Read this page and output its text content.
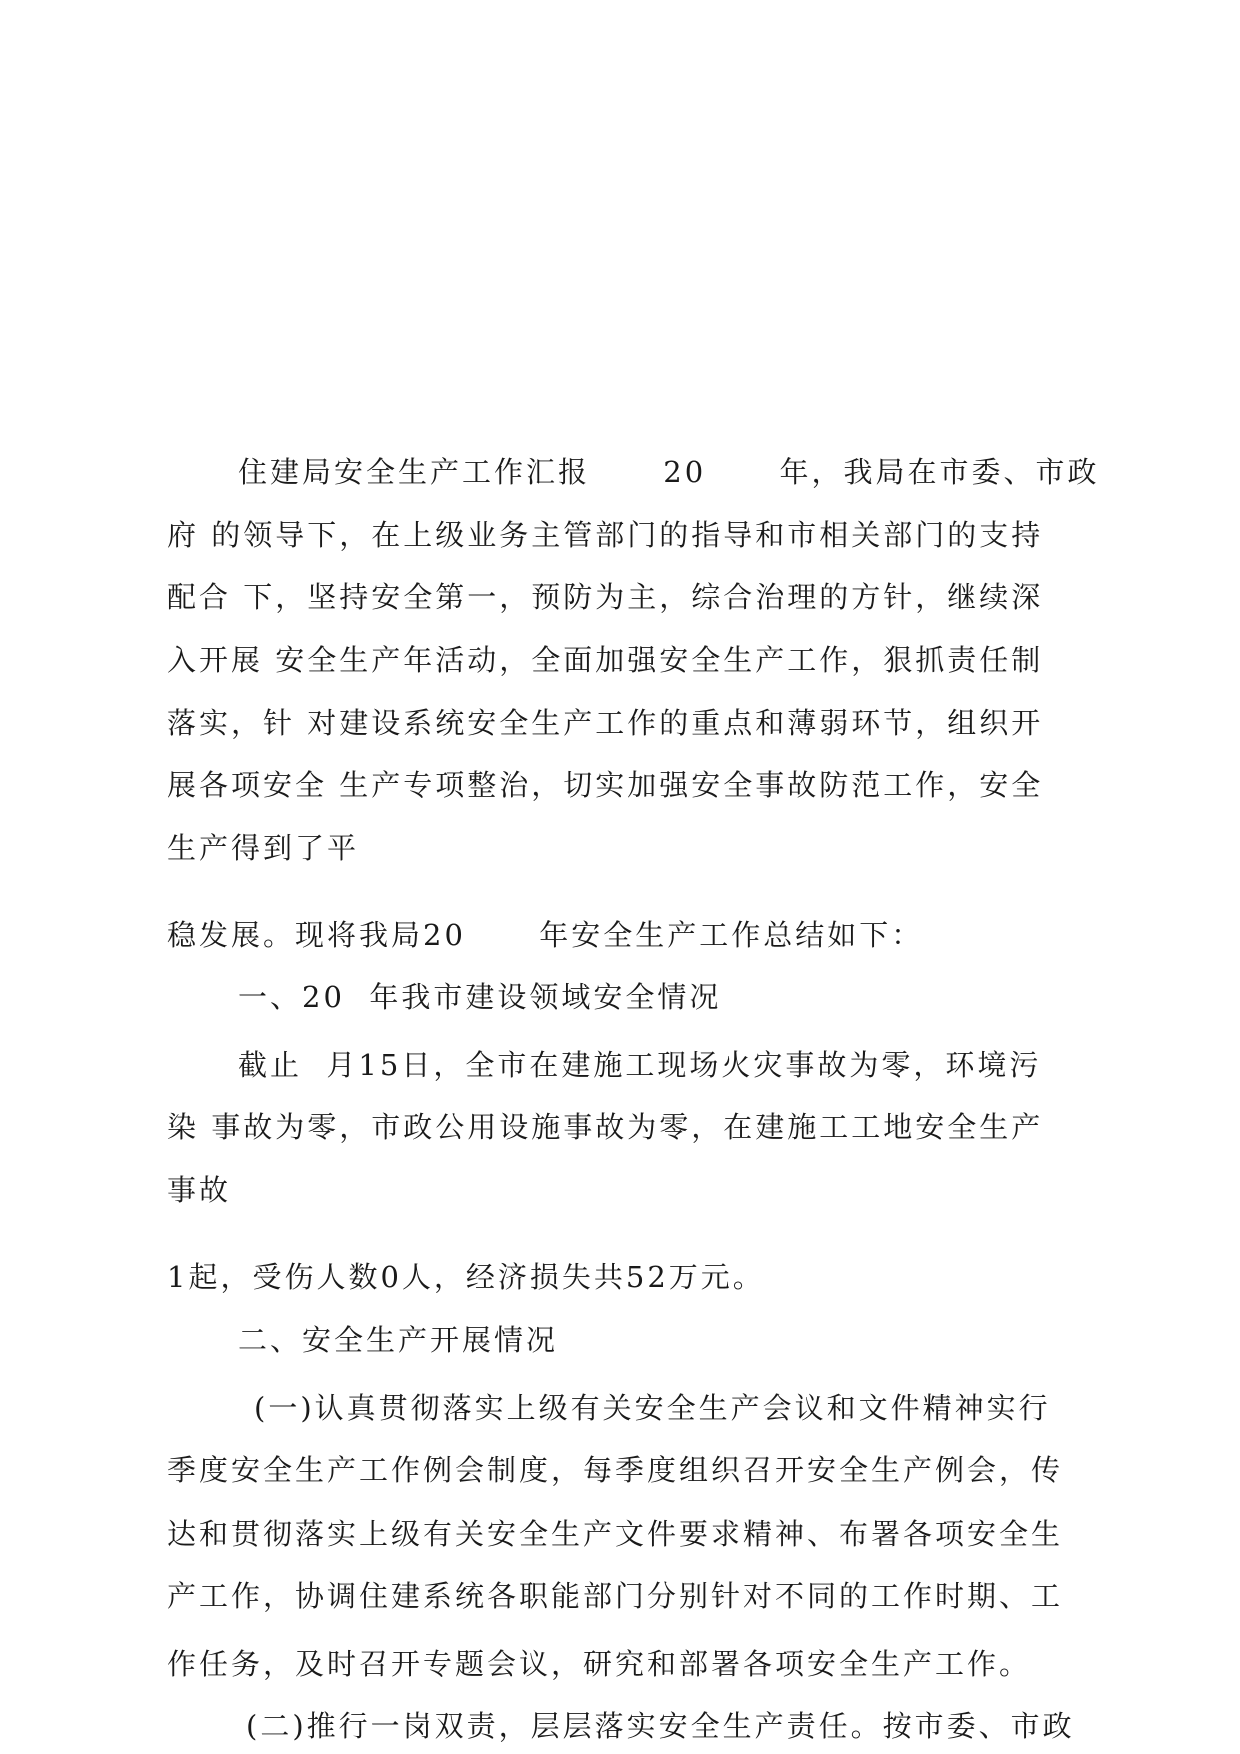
住建局安全生产工作汇报      20      年，我局在市委、市政
府 的领导下，在上级业务主管部门的指导和市相关部门的支持
配合 下，坚持安全第一，预防为主，综合治理的方针，继续深
入开展 安全生产年活动，全面加强安全生产工作，狠抓责任制
落实，针 对建设系统安全生产工作的重点和薄弱环节，组织开
展各项安全 生产专项整治，切实加强安全事故防范工作，安全
生产得到了平
稳发展。现将我局20      年安全生产工作总结如下：
一、20  年我市建设领域安全情况
截止  月15日，全市在建施工现场火灾事故为零，环境污
染 事故为零，市政公用设施事故为零，在建施工工地安全生产
事故
1起，受伤人数0人，经济损失共52万元。
二、安全生产开展情况
(一)认真贯彻落实上级有关安全生产会议和文件精神实行
季度安全生产工作例会制度，每季度组织召开安全生产例会，传
达和贯彻落实上级有关安全生产文件要求精神、布署各项安全生
产工作，协调住建系统各职能部门分别针对不同的工作时期、工
作任务，及时召开专题会议，研究和部署各项安全生产工作。
(二)推行一岗双责，层层落实安全生产责任。按市委、市政
